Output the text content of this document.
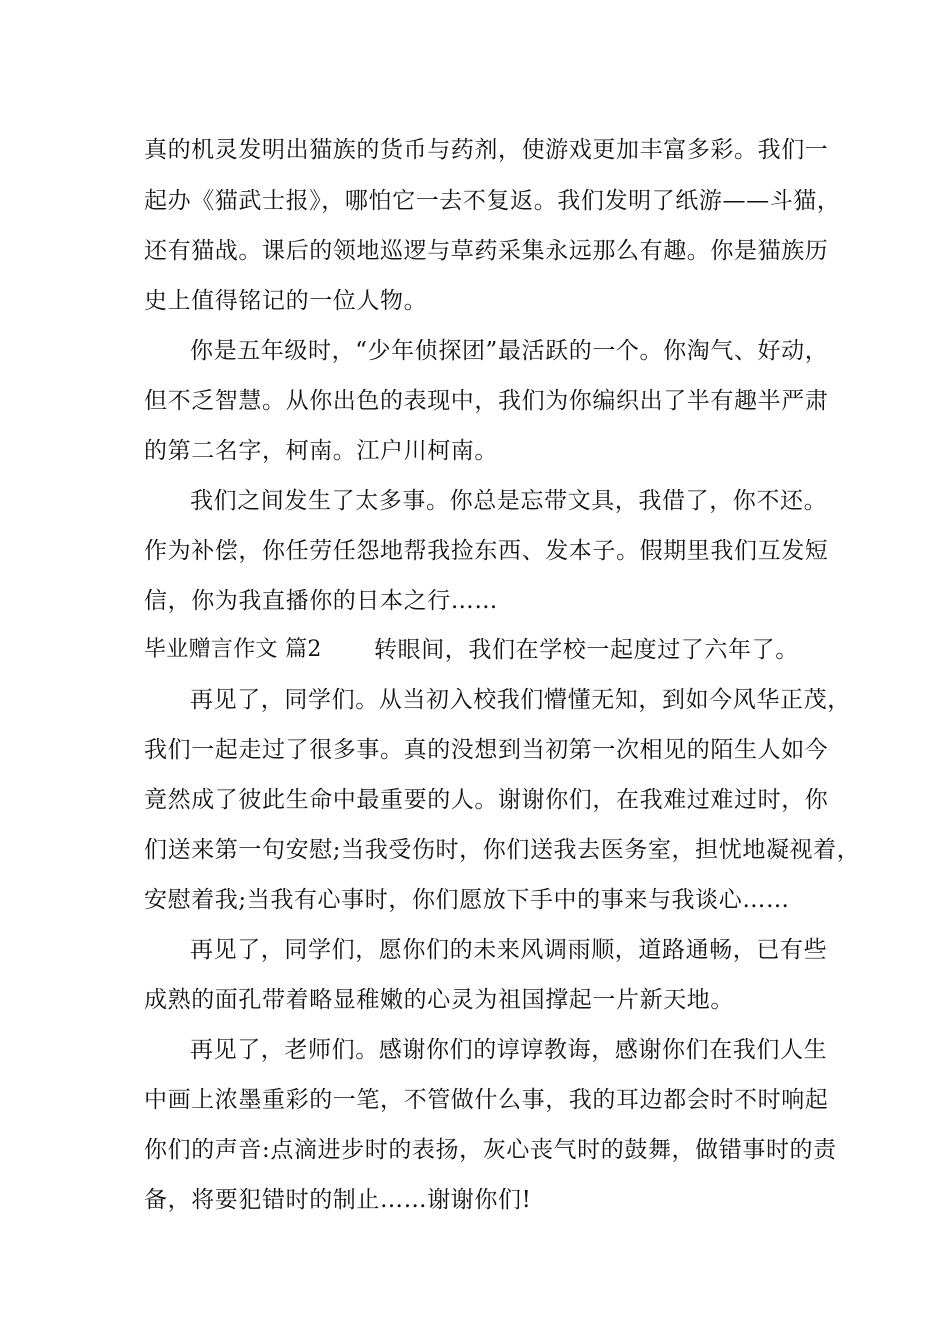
真的机灵发明出猫族的货币与药剂，使游戏更加丰富多彩。我们一
起办《猫武士报》，哪怕它一去不复返。我们发明了纸游——斗猫，
还有猫战。课后的领地巡逻与草药采集永远那么有趣。你是猫族历
史上值得铭记的一位人物。
你是五年级时，“少年侦探团”最活跃的一个。你淘气、好动，
但不乏智慧。从你出色的表现中，我们为你编织出了半有趣半严肃
的第二名字，柯南。江户川柯南。
我们之间发生了太多事。你总是忘带文具，我借了，你不还。
作为补偿，你任劳任怨地帮我捡东西、发本子。假期里我们互发短
信，你为我直播你的日本之行……
毕业赠言作文 篇2 转眼间，我们在学校一起度过了六年了。
再见了，同学们。从当初入校我们懵懂无知，到如今风华正茂，
我们一起走过了很多事。真的没想到当初第一次相见的陌生人如今
竟然成了彼此生命中最重要的人。谢谢你们，在我难过难过时，你
们送来第一句安慰;当我受伤时，你们送我去医务室，担忧地凝视着，
安慰着我;当我有心事时，你们愿放下手中的事来与我谈心……
再见了，同学们，愿你们的未来风调雨顺，道路通畅，已有些
成熟的面孔带着略显稚嫩的心灵为祖国撑起一片新天地。
再见了，老师们。感谢你们的谆谆教诲，感谢你们在我们人生
中画上浓墨重彩的一笔，不管做什么事，我的耳边都会时不时响起
你们的声音:点滴进步时的表扬，灰心丧气时的鼓舞，做错事时的责
备，将要犯错时的制止……谢谢你们!
